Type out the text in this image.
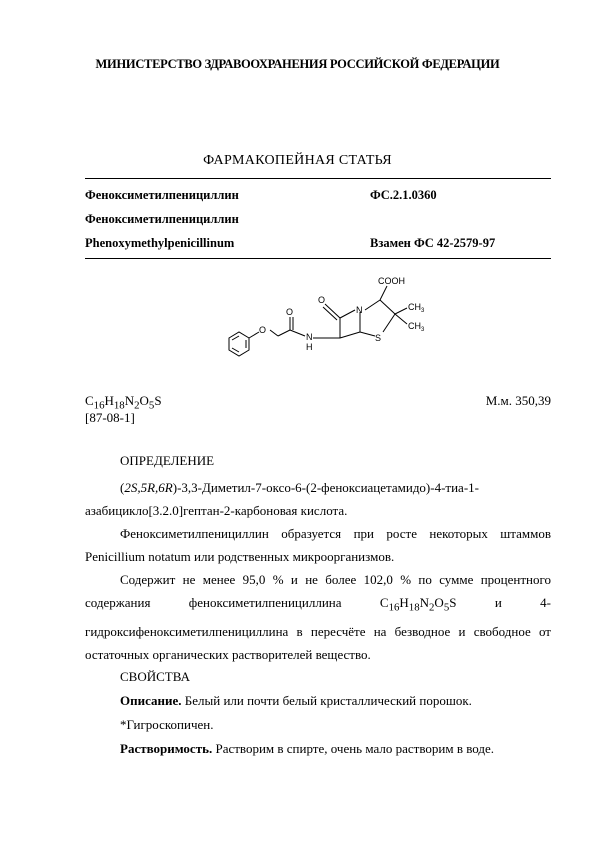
МИНИСТЕРСТВО ЗДРАВООХРАНЕНИЯ РОССИЙСКОЙ ФЕДЕРАЦИИ
ФАРМАКОПЕЙНАЯ СТАТЬЯ
Феноксиметилпенициллин	ФС.2.1.0360
Феноксиметилпенициллин
Phenoxymethylpenicillinum	Взамен ФС 42-2579-97
O
O
O
N
H
N
S
COOH
$CH_3$
$CH_3$
$C_{16}H_{18}N_2O_5S$	М.м. 350,39
[87-08-1]
ОПРЕДЕЛЕНИЕ
(2S,5R,6R)-3,3-Диметил-7-оксо-6-(2-феноксиацетамидо)-4-тиа-1-
азабицикло[3.2.0]гептан-2-карбоновая кислота.
Феноксиметилпенициллин образуется при росте некоторых штаммов Penicillium notatum или родственных микроорганизмов.
Содержит не менее 95,0 % и не более 102,0 % по сумме процентного содержания феноксиметилпенициллина	$C_{16}H_{18}N_2O_5S$	и 4-гидроксифеноксиметилпенициллина в пересчёте на безводное и свободное от остаточных органических растворителей вещество.
СВОЙСТВА
Описание. Белый или почти белый кристаллический порошок.
*Гигроскопичен.
Растворимость. Растворим в спирте, очень мало растворим в воде.
